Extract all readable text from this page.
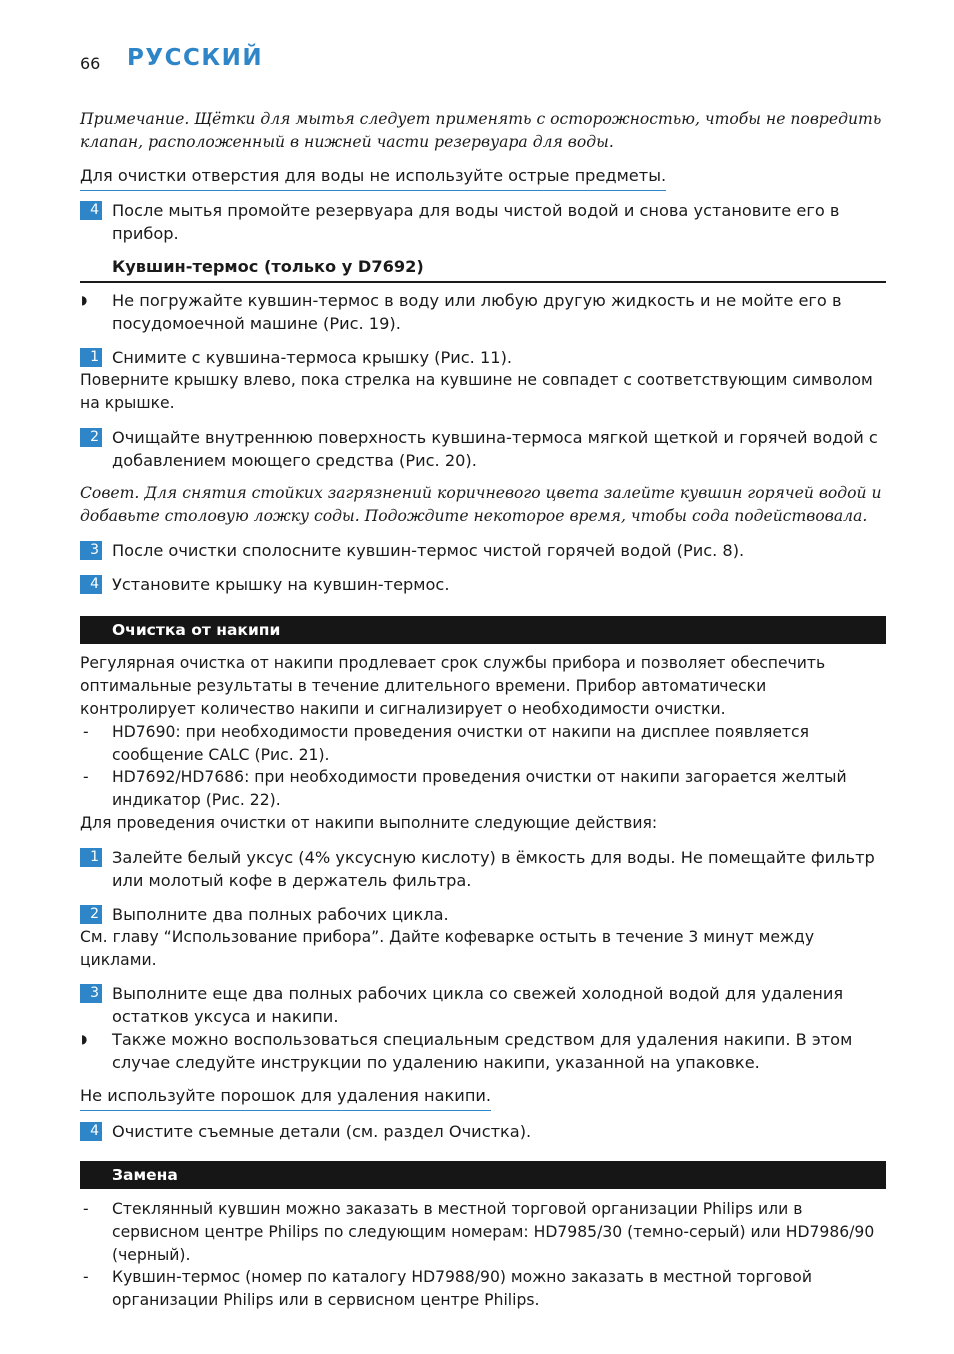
66 РУССКИЙ

Примечание. Щётки для мытья следует применять с осторожностью, чтобы не повредить клапан, расположенный в нижней части резервуара для воды.

Для очистки отверстия для воды не используйте острые предметы.

4 После мытья промойте резервуара для воды чистой водой и снова установите его в прибор.
Кувшин-термос (только у D7692)
◗ Не погружайте кувшин-термос в воду или любую другую жидкость и не мойте его в посудомоечной машине (Рис. 19).
1 Снимите с кувшина-термоса крышку (Рис. 11).

Поверните крышку влево, пока стрелка на кувшине не совпадет с соответствующим символом на крышке.

2 Очищайте внутреннюю поверхность кувшина-термоса мягкой щеткой и горячей водой с добавлением моющего средства (Рис. 20).

Совет. Для снятия стойких загрязнений коричневого цвета залейте кувшин горячей водой и добавьте столовую ложку соды. Подождите некоторое время, чтобы сода подействовала.

3 После очистки сполосните кувшин-термос чистой горячей водой (Рис. 8).
4 Установите крышку на кувшин-термос.
Очистка от накипи

Регулярная очистка от накипи продлевает срок службы прибора и позволяет обеспечить оптимальные результаты в течение длительного времени. Прибор автоматически контролирует количество накипи и сигнализирует о необходимости очистки.

- HD7690: при необходимости проведения очистки от накипи на дисплее появляется сообщение CALC (Рис. 21).
- HD7692/HD7686: при необходимости проведения очистки от накипи загорается желтый индикатор (Рис. 22).

Для проведения очистки от накипи выполните следующие действия:

1 Залейте белый уксус (4% уксусную кислоту) в ёмкость для воды. Не помещайте фильтр или молотый кофе в держатель фильтра.
2 Выполните два полных рабочих цикла.

См. главу “Использование прибора”. Дайте кофеварке остыть в течение 3 минут между циклами.

3 Выполните еще два полных рабочих цикла со свежей холодной водой для удаления остатков уксуса и накипи.
◗ Также можно воспользоваться специальным средством для удаления накипи. В этом случае следуйте инструкции по удалению накипи, указанной на упаковке.

Не используйте порошок для удаления накипи.

4 Очистите съемные детали (см. раздел Очистка).
Замена
- Стеклянный кувшин можно заказать в местной торговой организации Philips или в сервисном центре Philips по следующим номерам: HD7985/30 (темно-серый) или HD7986/90 (черный).
- Кувшин-термос (номер по каталогу HD7988/90) можно заказать в местной торговой организации Philips или в сервисном центре Philips.
